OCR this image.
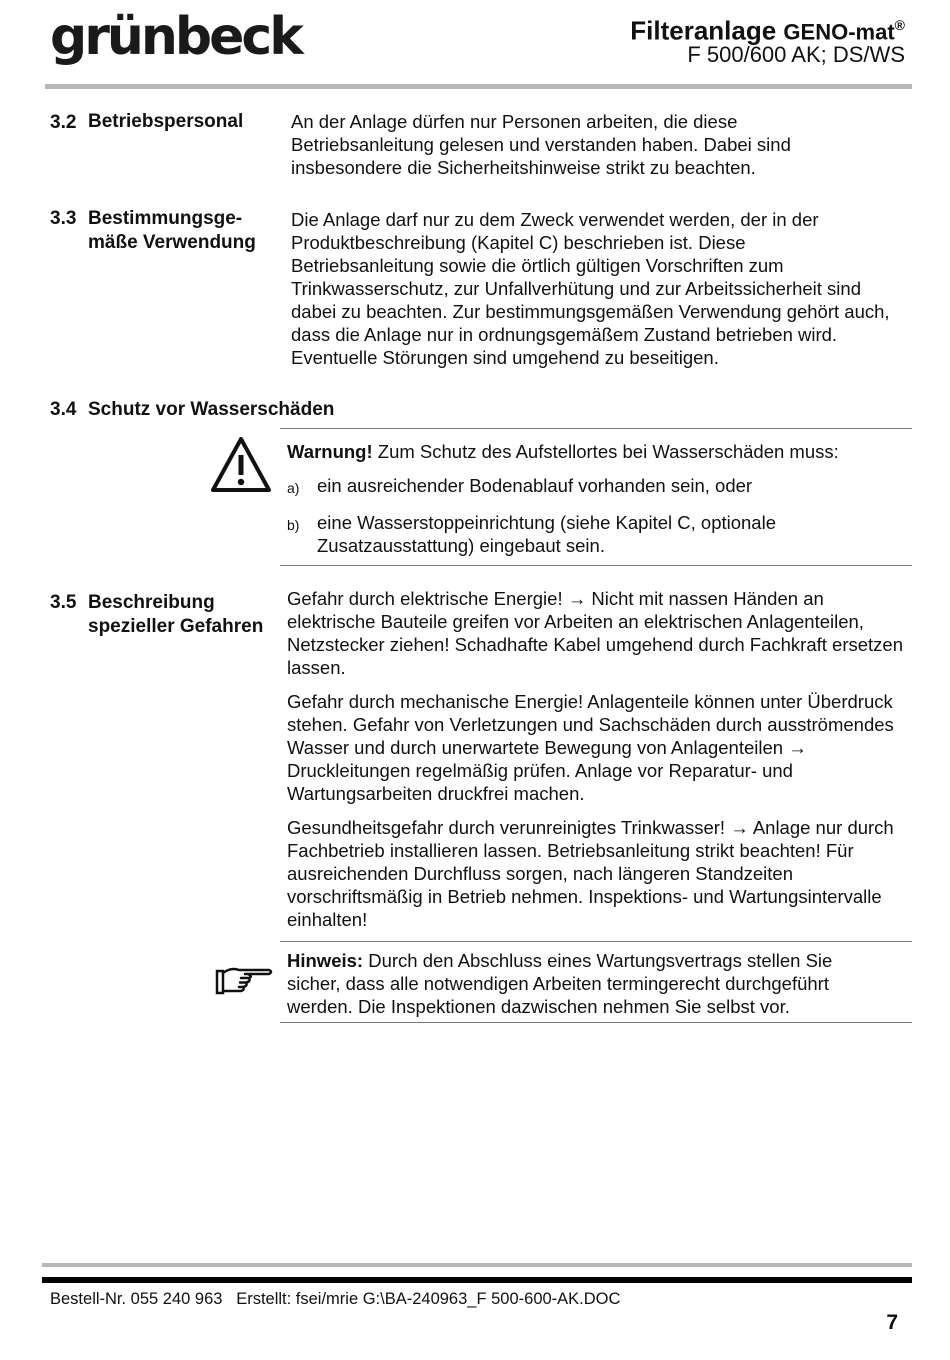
grünbeck	Filteranlage GENO-mat®
F 500/600 AK; DS/WS
3.2 Betriebspersonal	An der Anlage dürfen nur Personen arbeiten, die diese Betriebsanleitung gelesen und verstanden haben. Dabei sind insbesondere die Sicherheitshinweise strikt zu beachten.
3.3 Bestimmungsge-
mäße Verwendung
Die Anlage darf nur zu dem Zweck verwendet werden, der in der Produktbeschreibung (Kapitel C) beschrieben ist. Diese Betriebsanleitung sowie die örtlich gültigen Vorschriften zum Trinkwasserschutz, zur Unfallverhütung und zur Arbeitssicherheit sind dabei zu beachten. Zur bestimmungsgemäßen Verwendung gehört auch, dass die Anlage nur in ordnungsgemäßem Zustand betrieben wird. Eventuelle Störungen sind umgehend zu beseitigen.
3.4 Schutz vor Wasserschäden
Warnung! Zum Schutz des Aufstellortes bei Wasserschäden muss:
a) ein ausreichender Bodenablauf vorhanden sein, oder
b) eine Wasserstoppeinrichtung (siehe Kapitel C, optionale Zusatzausstattung) eingebaut sein.
3.5 Beschreibung
spezieller Gefahren
Gefahr durch elektrische Energie! → Nicht mit nassen Händen an elektrische Bauteile greifen vor Arbeiten an elektrischen Anlagenteilen, Netzstecker ziehen! Schadhafte Kabel umgehend durch Fachkraft ersetzen lassen.
Gefahr durch mechanische Energie! Anlagenteile können unter Überdruck stehen. Gefahr von Verletzungen und Sachschäden durch ausströmendes Wasser und durch unerwartete Bewegung von Anlagenteilen → Druckleitungen regelmäßig prüfen. Anlage vor Reparatur- und Wartungsarbeiten druckfrei machen.
Gesundheitsgefahr durch verunreinigtes Trinkwasser! → Anlage nur durch Fachbetrieb installieren lassen. Betriebsanleitung strikt beachten! Für ausreichenden Durchfluss sorgen, nach längeren Standzeiten vorschriftsmäßig in Betrieb nehmen. Inspektions- und Wartungsintervalle einhalten!
Hinweis: Durch den Abschluss eines Wartungsvertrags stellen Sie sicher, dass alle notwendigen Arbeiten termingerecht durchgeführt werden. Die Inspektionen dazwischen nehmen Sie selbst vor.
Bestell-Nr. 055 240 963   Erstellt: fsei/mrie G:\BA-240963_F 500-600-AK.DOC
7
